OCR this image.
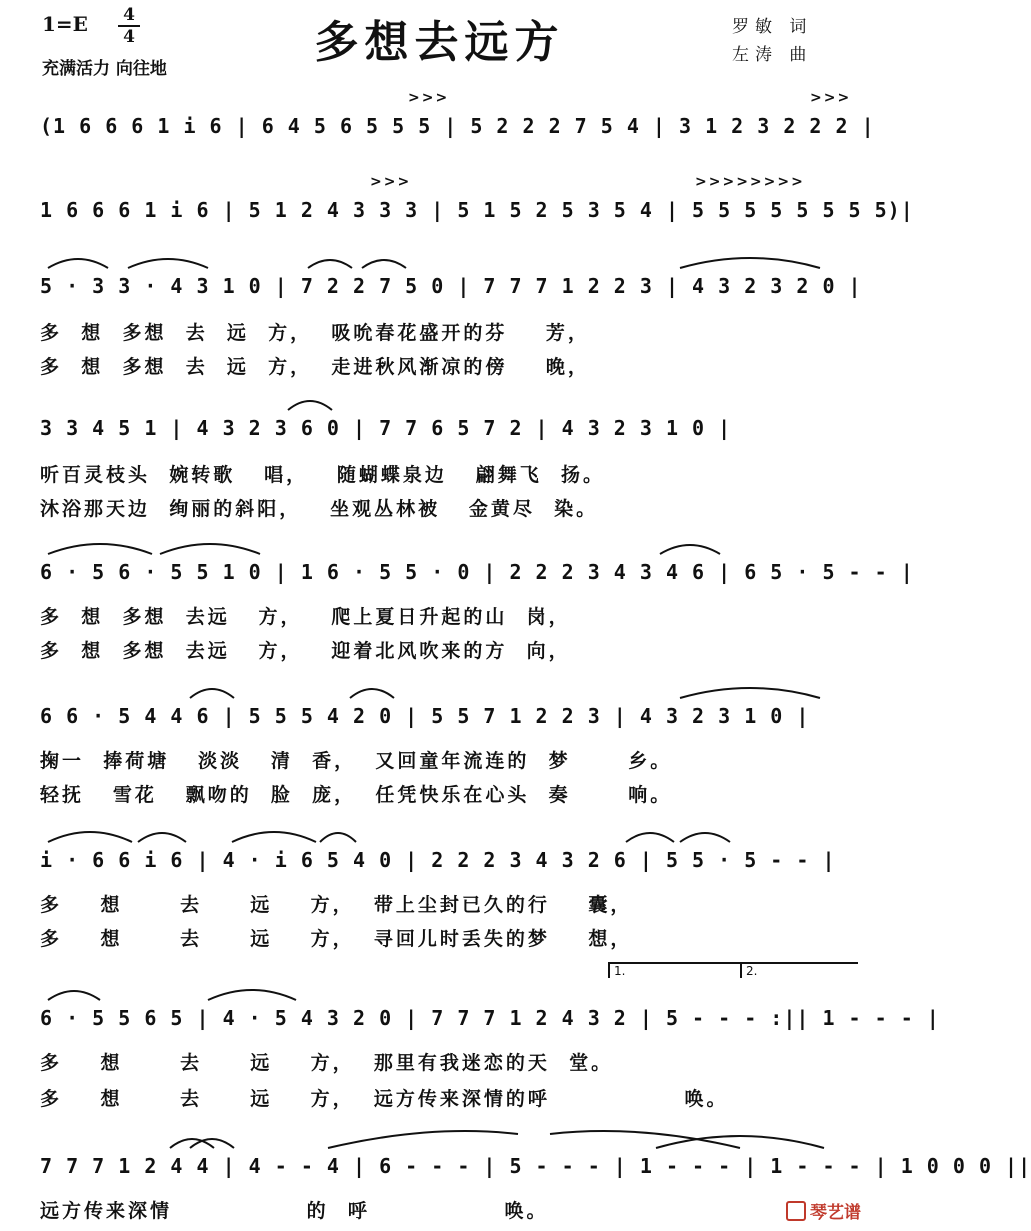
1=E 4
4	多想去远方
充满活力 向往地
罗敏 词
左涛 曲
>>>	>>>
(1 6 6 6 1 i 6 | 6 4 5 6 5 5 5 | 5 2 2 2 7 5 4 | 3 1 2 3 2 2 2 |
>>>	>>>>>>>>
1 6 6 6 1 i 6 | 5 1 2 4 3 3 3 | 5 1 5 2 5 3 5 4 | 5 5 5 5 5 5 5 5)|
5 · 3 3 · 4 3 1 0 | 7 2 2 7 5 0 | 7 7 7 1 2 2 3 | 4 3 2 3 2 0 |
多  想  多想  去  远  方，  吸吮春花盛开的芬    芳，
多  想  多想  去  远  方，  走进秋风渐凉的傍    晚，
3 3 4 5 1 | 4 3 2 3 6 0 | 7 7 6 5 7 2 | 4 3 2 3 1 0 |
听百灵枝头  婉转歌   唱，   随蝴蝶泉边   翩舞飞  扬。
沐浴那天边  绚丽的斜阳，   坐观丛林被   金黄尽  染。
6 · 5 6 · 5 5 1 0 | 1 6 · 5 5 · 0 | 2 2 2 3 4 3 4 6 | 6 5 · 5 - - |
多  想  多想  去远   方，   爬上夏日升起的山  岗，
多  想  多想  去远   方，   迎着北风吹来的方  向，
6 6 · 5 4 4 6 | 5 5 5 4 2 0 | 5 5 7 1 2 2 3 | 4 3 2 3 1 0 |
掬一  捧荷塘   淡淡   清  香，  又回童年流连的  梦      乡。
轻抚   雪花   飘吻的  脸  庞，  任凭快乐在心头  奏      响。
i · 6 6 i 6 | 4 · i 6 5 4 0 | 2 2 2 3 4 3 2 6 | 5 5 · 5 - - |
多    想      去     远    方，  带上尘封已久的行    囊，
多    想      去     远    方，  寻回儿时丢失的梦    想，
1.	2.
6 · 5 5 6 5 | 4 · 5 4 3 2 0 | 7 7 7 1 2 4 3 2 | 5 - - - :|| 1 - - - |
多    想      去     远    方，  那里有我迷恋的天  堂。
多    想      去     远    方，  远方传来深情的呼              唤。
7 7 7 1 2 4 4 | 4 - - 4 | 6 - - - | 5 - - - | 1 - - - | 1 - - - | 1 0 0 0 ||
远方传来深情              的  呼              唤。	琴艺谱
